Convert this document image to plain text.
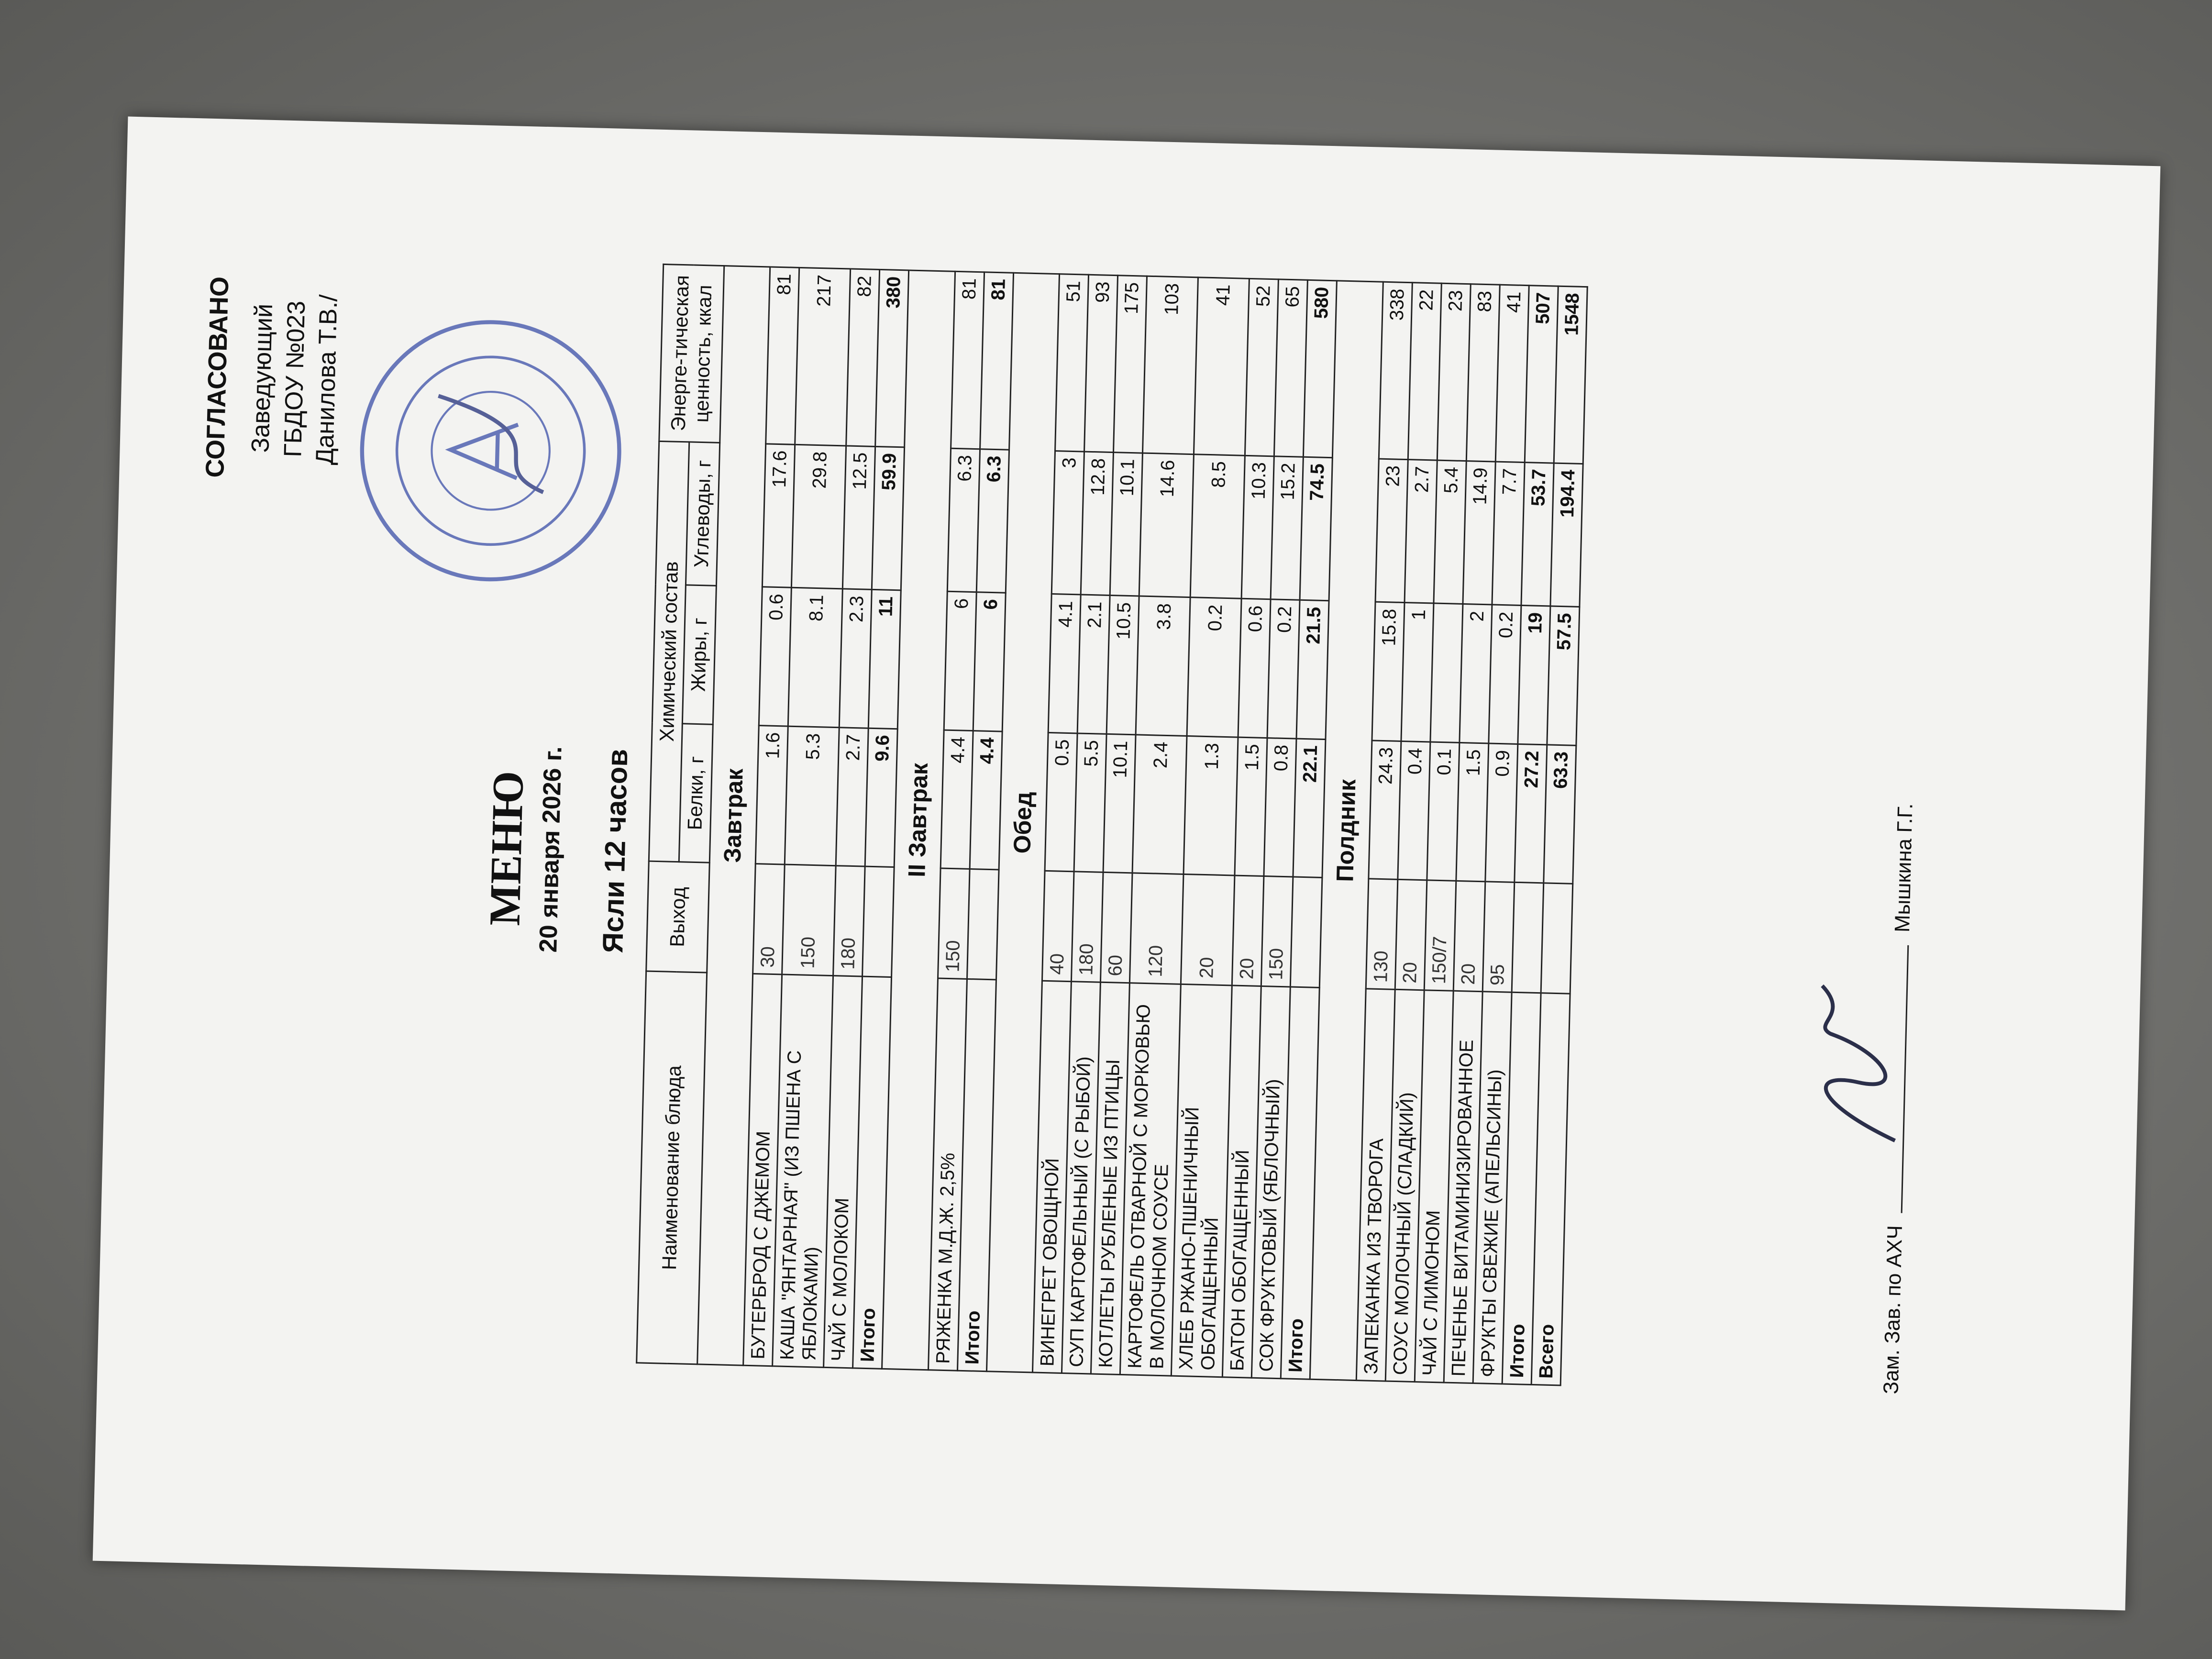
СОГЛАСОВАНО Заведующий ГБДОУ №023 Данилова Т.В./
МЕНЮ 20 января 2026 г.	Ясли 12 часов
Наименование блюда	Выход	Химический состав			Энерге-тическая ценность, ккал
		Белки, г	Жиры, г	Углеводы, г	
Завтрак					
БУТЕРБРОД С ДЖЕМОМ	30	1.6	0.6	17.6	81
КАША "ЯНТАРНАЯ" (ИЗ ПШЕНА С ЯБЛОКАМИ)	150	5.3	8.1	29.8	217
ЧАЙ С МОЛОКОМ	180	2.7	2.3	12.5	82
Итого		9.6	11	59.9	380
II Завтрак					
РЯЖЕНКА М.Д.Ж. 2,5%	150	4.4	6	6.3	81
Итого		4.4	6	6.3	81
Обед					
ВИНЕГРЕТ ОВОЩНОЙ	40	0.5	4.1	3	51
СУП КАРТОФЕЛЬНЫЙ (С РЫБОЙ)	180	5.5	2.1	12.8	93
КОТЛЕТЫ РУБЛЕНЫЕ ИЗ ПТИЦЫ	60	10.1	10.5	10.1	175
КАРТОФЕЛЬ ОТВАРНОЙ С МОРКОВЬЮ В МОЛОЧНОМ СОУСЕ	120	2.4	3.8	14.6	103
ХЛЕБ РЖАНО-ПШЕНИЧНЫЙ ОБОГАЩЕННЫЙ	20	1.3	0.2	8.5	41
БАТОН ОБОГАЩЕННЫЙ	20	1.5	0.6	10.3	52
СОК ФРУКТОВЫЙ (ЯБЛОЧНЫЙ)	150	0.8	0.2	15.2	65
Итого		22.1	21.5	74.5	580
Полдник					
ЗАПЕКАНКА ИЗ ТВОРОГА	130	24.3	15.8	23	338
СОУС МОЛОЧНЫЙ (СЛАДКИЙ)	20	0.4	1	2.7	22
ЧАЙ С ЛИМОНОМ	150/7	0.1		5.4	23
ПЕЧЕНЬЕ ВИТАМИНИЗИРОВАННОЕ	20	1.5	2	14.9	83
ФРУКТЫ СВЕЖИЕ (АПЕЛЬСИНЫ)	95	0.9	0.2	7.7	41
Итого		27.2	19	53.7	507
Всего		63.3	57.5	194.4	1548
Зам. Зав. по АХЧ  Мышкина Г.Г.
